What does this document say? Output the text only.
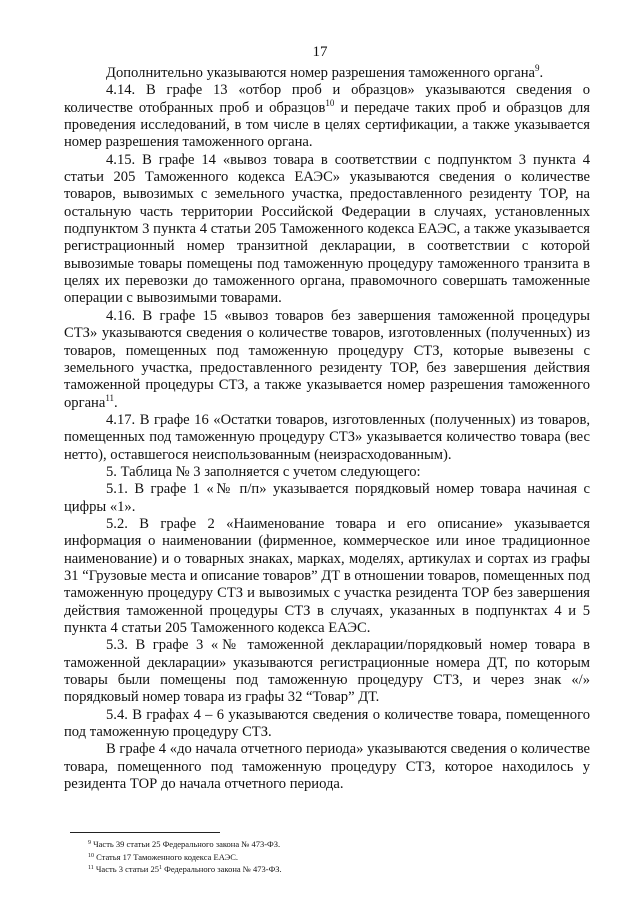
17

Дополнительно указываются номер разрешения таможенного органа$^9$.

4.14. В графе 13 «отбор проб и образцов» указываются сведения о количестве отобранных проб и образцов$^{10}$ и передаче таких проб и образцов для проведения исследований, в том числе в целях сертификации, а также указывается номер разрешения таможенного органа.

4.15. В графе 14 «вывоз товара в соответствии с подпунктом 3 пункта 4 статьи 205 Таможенного кодекса ЕАЭС» указываются сведения о количестве товаров, вывозимых с земельного участка, предоставленного резиденту ТОР, на остальную часть территории Российской Федерации в случаях, установленных подпунктом 3 пункта 4 статьи 205 Таможенного кодекса ЕАЭС, а также указывается регистрационный номер транзитной декларации, в соответствии с которой вывозимые товары помещены под таможенную процедуру таможенного транзита в целях их перевозки до таможенного органа, правомочного совершать таможенные операции с вывозимыми товарами.

4.16. В графе 15 «вывоз товаров без завершения таможенной процедуры СТЗ» указываются сведения о количестве товаров, изготовленных (полученных) из товаров, помещенных под таможенную процедуру СТЗ, которые вывезены с земельного участка, предоставленного резиденту ТОР, без завершения действия таможенной процедуры СТЗ, а также указывается номер разрешения таможенного органа$^{11}$.

4.17. В графе 16 «Остатки товаров, изготовленных (полученных) из товаров, помещенных под таможенную процедуру СТЗ» указывается количество товара (вес нетто), оставшегося неиспользованным (неизрасходованным).

5. Таблица № 3 заполняется с учетом следующего:

5.1. В графе 1 «№ п/п» указывается порядковый номер товара начиная с цифры «1».

5.2. В графе 2 «Наименование товара и его описание» указывается информация о наименовании (фирменное, коммерческое или иное традиционное наименование) и о товарных знаках, марках, моделях, артикулах и сортах из графы 31 “Грузовые места и описание товаров” ДТ в отношении товаров, помещенных под таможенную процедуру СТЗ и вывозимых с участка резидента ТОР без завершения действия таможенной процедуры СТЗ в случаях, указанных в подпунктах 4 и 5 пункта 4 статьи 205 Таможенного кодекса ЕАЭС.

5.3. В графе 3 «№ таможенной декларации/порядковый номер товара в таможенной декларации» указываются регистрационные номера ДТ, по которым товары были помещены под таможенную процедуру СТЗ, и через знак «/» порядковый номер товара из графы 32 “Товар” ДТ.

5.4. В графах 4 – 6 указываются сведения о количестве товара, помещенного под таможенную процедуру СТЗ.

В графе 4 «до начала отчетного периода» указываются сведения о количестве товара, помещенного под таможенную процедуру СТЗ, которое находилось у резидента ТОР до начала отчетного периода.

$^9$ Часть 39 статьи 25 Федерального закона № 473-ФЗ.
$^{10}$ Статья 17 Таможенного кодекса ЕАЭС.
$^{11}$ Часть 3 статьи $25^1$ Федерального закона № 473-ФЗ.
